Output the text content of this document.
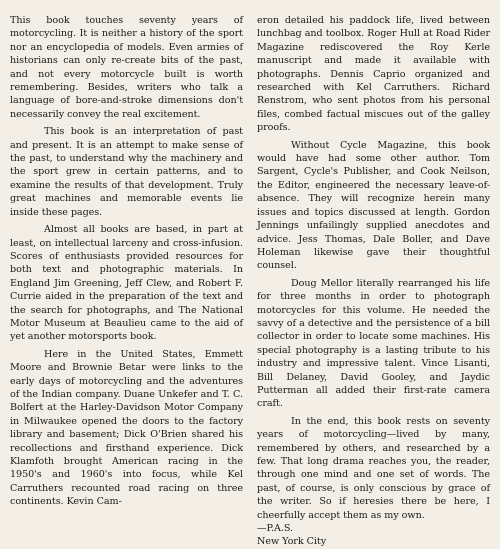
This book touches seventy years of motorcycling. It is neither a history of the sport nor an encyclopedia of models. Even armies of historians can only re-create bits of the past, and not every motorcycle built is worth remembering. Besides, writers who talk a language of bore-and-stroke dimensions don't necessarily convey the real excitement.

This book is an interpretation of past and present. It is an attempt to make sense of the past, to understand why the machinery and the sport grew in certain patterns, and to examine the results of that development. Truly great machines and memorable events lie inside these pages.

Almost all books are based, in part at least, on intellectual larceny and cross-infusion. Scores of enthusiasts provided resources for both text and photographic materials. In England Jim Greening, Jeff Clew, and Robert F. Currie aided in the preparation of the text and the search for photographs, and The National Motor Museum at Beaulieu came to the aid of yet another motorsports book.

Here in the United States, Emmett Moore and Brownie Betar were links to the early days of motorcycling and the adventures of the Indian company. Duane Unkefer and T. C. Bolfert at the Harley-Davidson Motor Company in Milwaukee opened the doors to the factory library and basement; Dick O'Brien shared his recollections and firsthand experience. Dick Klamfoth brought American racing in the 1950's and 1960's into focus, while Kel Carruthers recounted road racing on three continents. Kevin Cam-

eron detailed his paddock life, lived between lunchbag and toolbox. Roger Hull at Road Rider Magazine rediscovered the Roy Kerle manuscript and made it available with photographs. Dennis Caprio organized and researched with Kel Carruthers. Richard Renstrom, who sent photos from his personal files, combed factual miscues out of the galley proofs.

Without Cycle Magazine, this book would have had some other author. Tom Sargent, Cycle's Publisher, and Cook Neilson, the Editor, engineered the necessary leave-of-absence. They will recognize herein many issues and topics discussed at length. Gordon Jennings unfailingly supplied anecdotes and advice. Jess Thomas, Dale Boller, and Dave Holeman likewise gave their thoughtful counsel.

Doug Mellor literally rearranged his life for three months in order to photograph motorcycles for this volume. He needed the savvy of a detective and the persistence of a bill collector in order to locate some machines. His special photography is a lasting tribute to his industry and impressive talent. Vince Lisanti, Bill Delaney, David Gooley, and Jaydic Putterman all added their first-rate camera craft.

In the end, this book rests on seventy years of motorcycling—lived by many, remembered by others, and researched by a few. That long drama reaches you, the reader, through one mind and one set of words. The past, of course, is only conscious by grace of the writer. So if heresies there be here, I cheerfully accept them as my own.

—P.A.S.

New York City
